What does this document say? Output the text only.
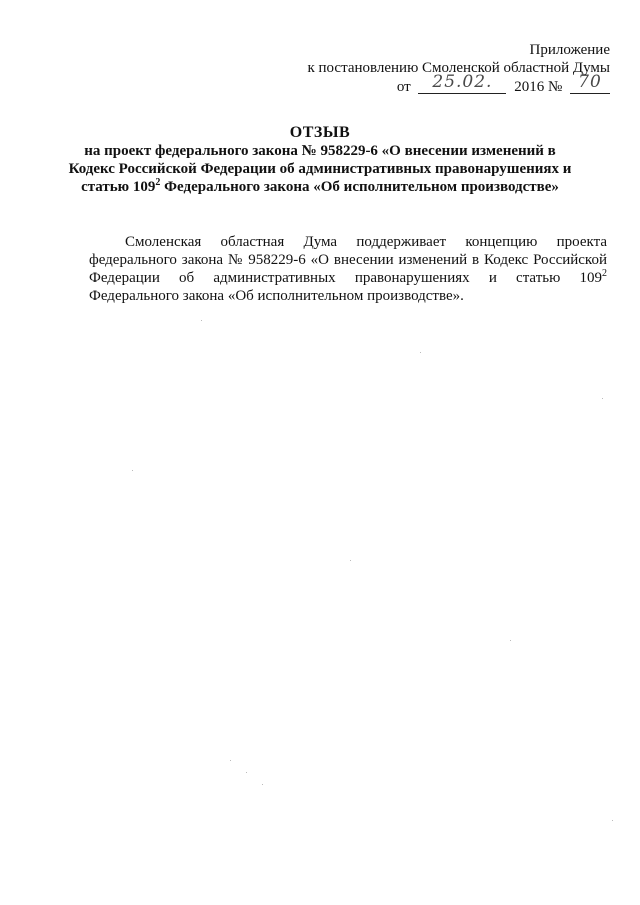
Приложение
к постановлению Смоленской областной Думы
от 25.02. 2016 № 70
ОТЗЫВ
на проект федерального закона № 958229-6 «О внесении изменений в
Кодекс Российской Федерации об административных правонарушениях и
статью $109^2$ Федерального закона «Об исполнительном производстве»
Смоленская областная Дума поддерживает концепцию проекта федерального закона № 958229-6 «О внесении изменений в Кодекс Российской Федерации об административных правонарушениях и статью $109^2$ Федерального закона «Об исполнительном производстве».
